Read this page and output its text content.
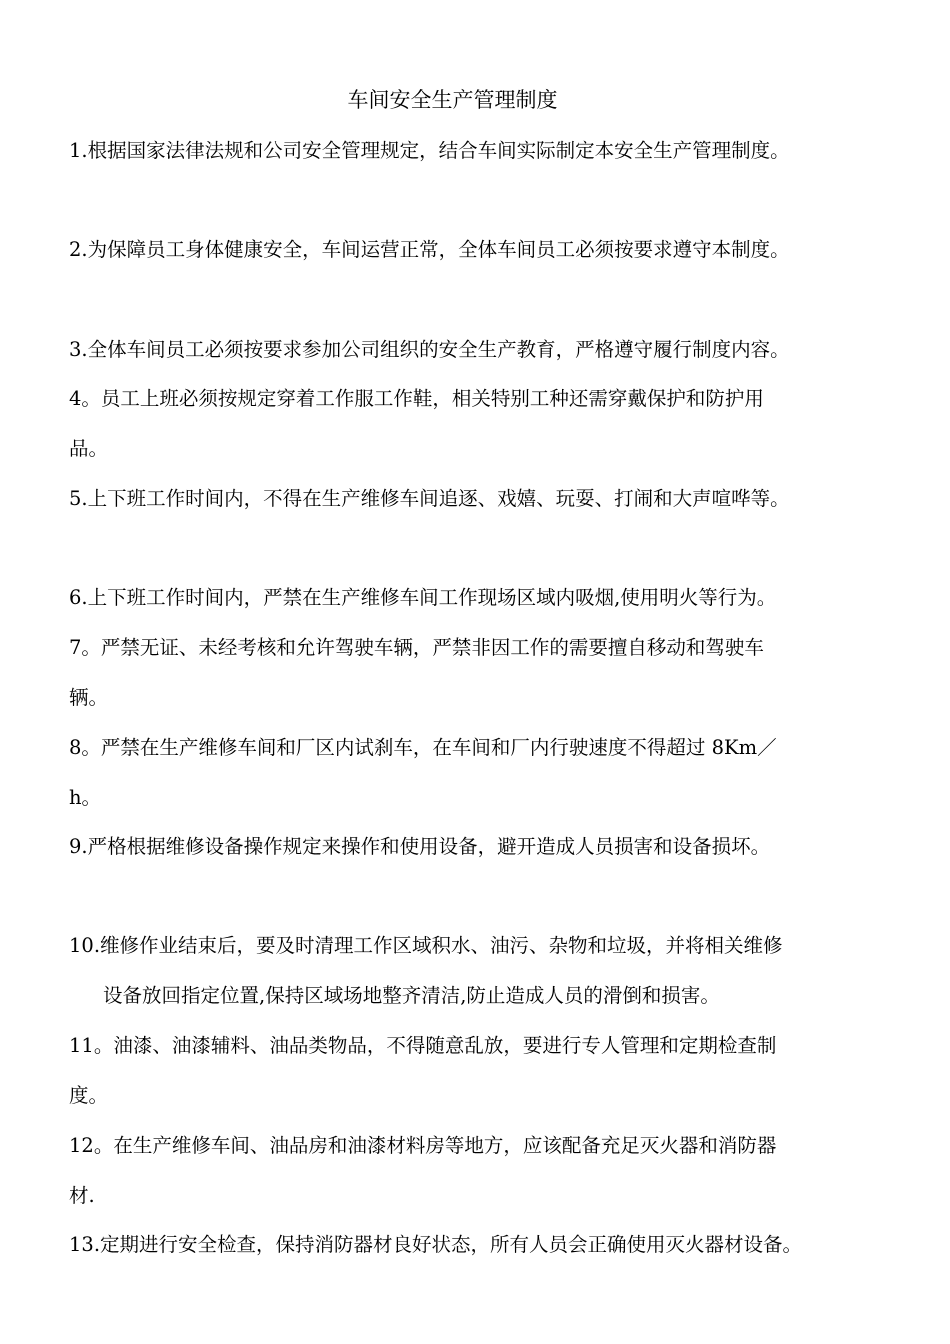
车间安全生产管理制度
1.根据国家法律法规和公司安全管理规定，结合车间实际制定本安全生产管理制度。
2.为保障员工身体健康安全，车间运营正常，全体车间员工必须按要求遵守本制度。
3.全体车间员工必须按要求参加公司组织的安全生产教育，严格遵守履行制度内容。
4。员工上班必须按规定穿着工作服工作鞋，相关特别工种还需穿戴保护和防护用
品。
5.上下班工作时间内，不得在生产维修车间追逐、戏嬉、玩耍、打闹和大声喧哗等。
6.上下班工作时间内，严禁在生产维修车间工作现场区域内吸烟,使用明火等行为。
7。严禁无证、未经考核和允许驾驶车辆，严禁非因工作的需要擅自移动和驾驶车
辆。
8。严禁在生产维修车间和厂区内试刹车，在车间和厂内行驶速度不得超过 8Km／
h。
9.严格根据维修设备操作规定来操作和使用设备，避开造成人员损害和设备损坏。
10.维修作业结束后，要及时清理工作区域积水、油污、杂物和垃圾，并将相关维修
设备放回指定位置,保持区域场地整齐清洁,防止造成人员的滑倒和损害。
11。油漆、油漆辅料、油品类物品，不得随意乱放，要进行专人管理和定期检查制
度。
12。在生产维修车间、油品房和油漆材料房等地方，应该配备充足灭火器和消防器
材.
13.定期进行安全检查，保持消防器材良好状态，所有人员会正确使用灭火器材设备。
